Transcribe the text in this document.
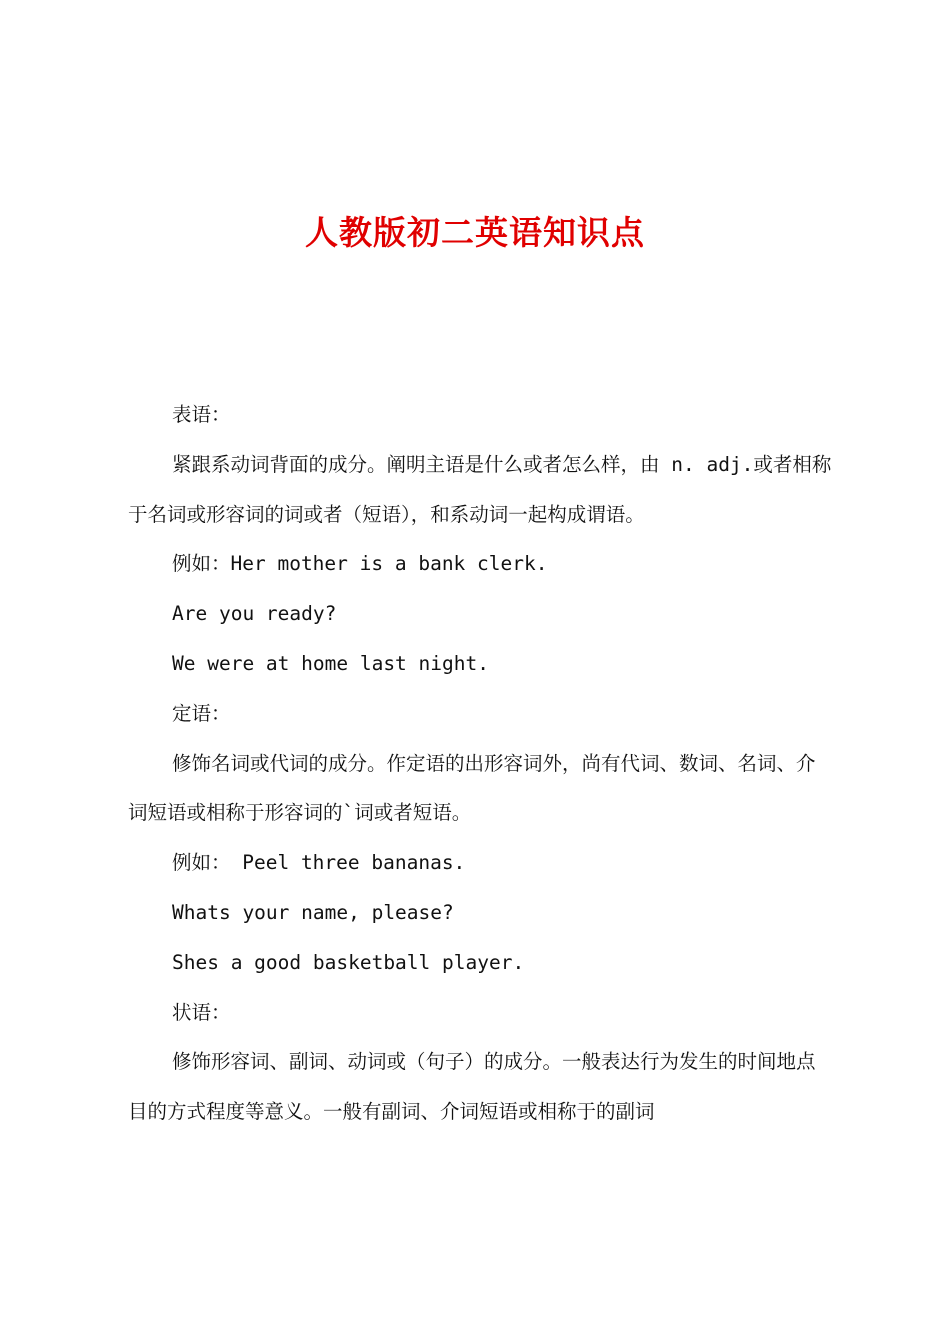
人教版初二英语知识点

表语：

紧跟系动词背面的成分。阐明主语是什么或者怎么样，由 n. adj.或者相称于名词或形容词的词或者（短语），和系动词一起构成谓语。

例如：Her mother is a bank clerk.

Are you ready?

We were at home last night.

定语：

修饰名词或代词的成分。作定语的出形容词外，尚有代词、数词、名词、介词短语或相称于形容词的`词或者短语。

例如： Peel three bananas.

Whats your name, please?

Shes a good basketball player.

状语：

修饰形容词、副词、动词或（句子）的成分。一般表达行为发生的时间地点目的方式程度等意义。一般有副词、介词短语或相称于的副词
